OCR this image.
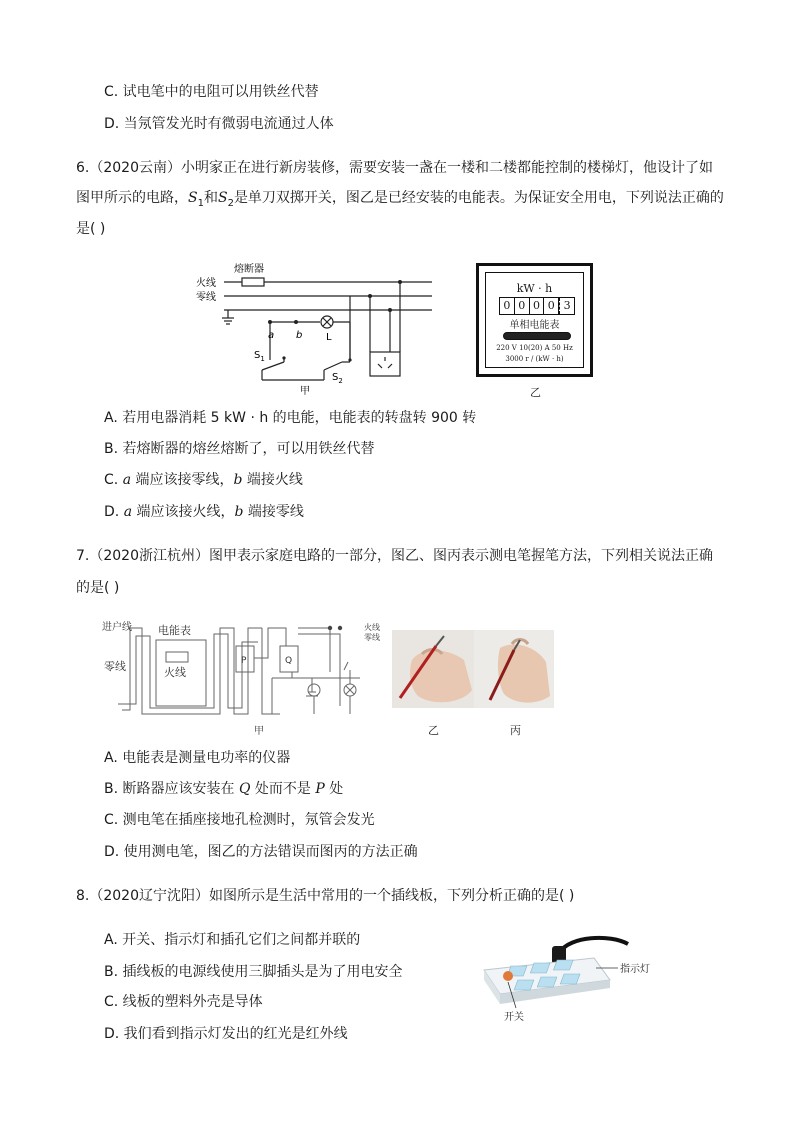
C. 试电笔中的电阻可以用铁丝代替
D. 当氖管发光时有微弱电流通过人体
6.（2020云南）小明家正在进行新房装修，需要安装一盏在一楼和二楼都能控制的楼梯灯，他设计了如
图甲所示的电路，$S_1$和$S_2$是单刀双掷开关，图乙是已经安装的电能表。为保证安全用电，下列说法正确的
是( )
火线
零线
熔断器
a b L
$S_1$
$S_2$
甲
kW · h
0 0 0 0 3
单相电能表
220 V 10(20) A 50 Hz
3000 r / (kW · h)
乙
A. 若用电器消耗 5 kW · h 的电能，电能表的转盘转 900 转
B. 若熔断器的熔丝熔断了，可以用铁丝代替
C. a 端应该接零线，b 端接火线
D. a 端应该接火线，b 端接零线
7.（2020浙江杭州）图甲表示家庭电路的一部分，图乙、图丙表示测电笔握笔方法，下列相关说法正确
的是( )
进户线 电能表
火线
零线	P	Q
火线
零线
甲	乙	丙
A. 电能表是测量电功率的仪器
B. 断路器应该安装在 Q 处而不是 P 处
C. 测电笔在插座接地孔检测时，氖管会发光
D. 使用测电笔，图乙的方法错误而图丙的方法正确
8.（2020辽宁沈阳）如图所示是生活中常用的一个插线板，下列分析正确的是( )
A. 开关、指示灯和插孔它们之间都并联的
B. 插线板的电源线使用三脚插头是为了用电安全
C. 线板的塑料外壳是导体
D. 我们看到指示灯发出的红光是红外线
指示灯
开关
